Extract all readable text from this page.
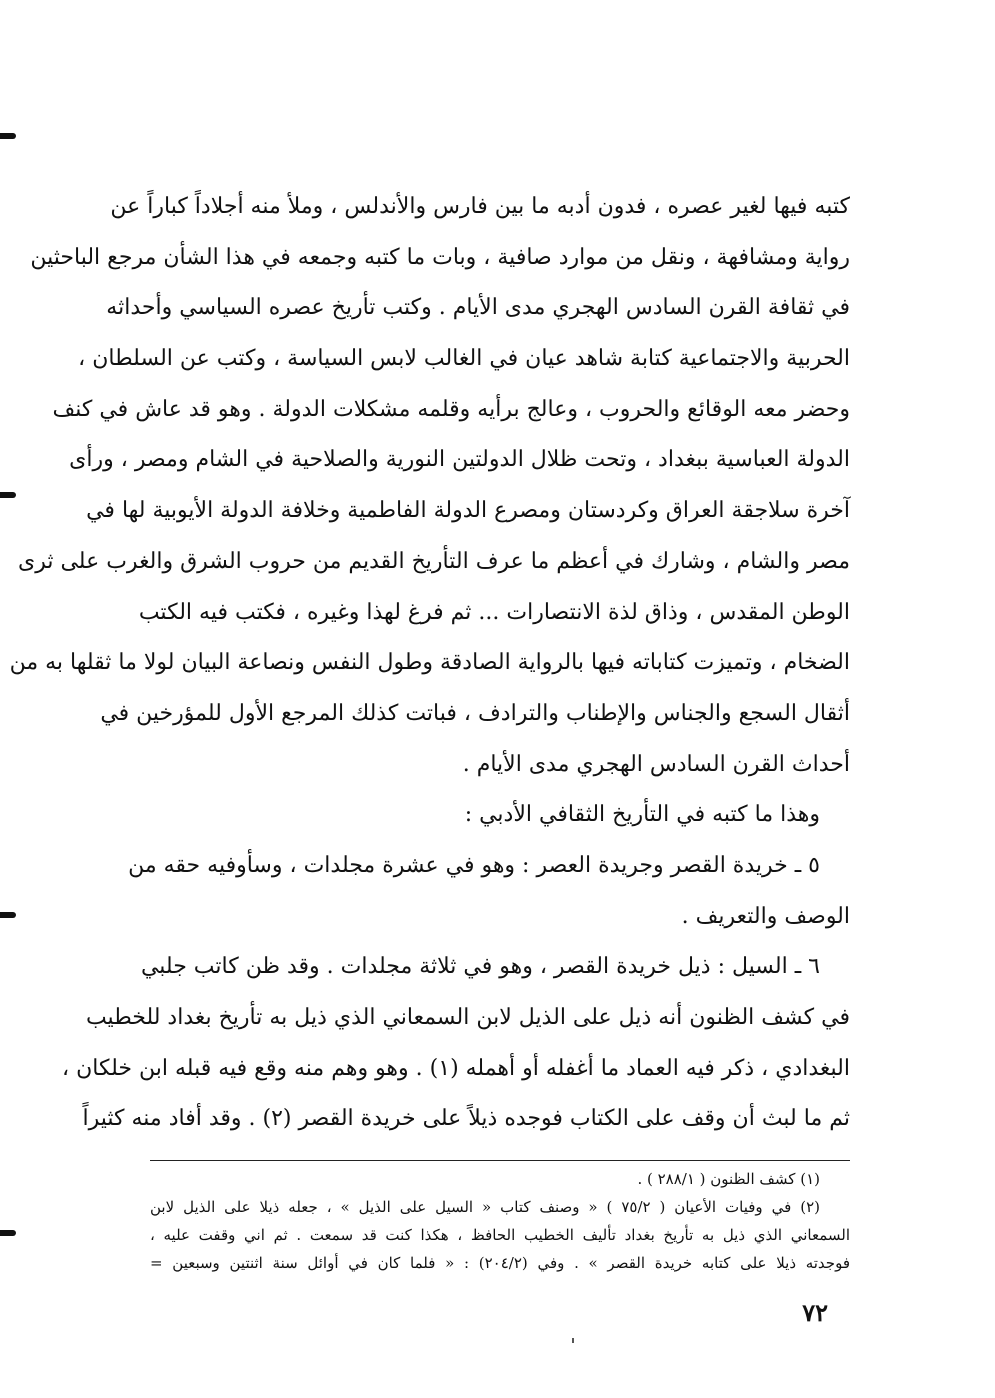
كتبه فيها لغير عصره ، فدون أدبه ما بين فارس والأندلس ، وملأ منه أجلاداً كباراً عن
رواية ومشافهة ، ونقل من موارد صافية ، وبات ما كتبه وجمعه في هذا الشأن مرجع الباحثين
في ثقافة القرن السادس الهجري مدى الأيام . وكتب تأريخ عصره السياسي وأحداثه
الحربية والاجتماعية كتابة شاهد عيان في الغالب لابس السياسة ، وكتب عن السلطان ،
وحضر معه الوقائع والحروب ، وعالج برأيه وقلمه مشكلات الدولة . وهو قد عاش في كنف
الدولة العباسية ببغداد ، وتحت ظلال الدولتين النورية والصلاحية في الشام ومصر ، ورأى
آخرة سلاجقة العراق وكردستان ومصرع الدولة الفاطمية وخلافة الدولة الأيوبية لها في
مصر والشام ، وشارك في أعظم ما عرف التأريخ القديم من حروب الشرق والغرب على ثرى
الوطن المقدس ، وذاق لذة الانتصارات ... ثم فرغ لهذا وغيره ، فكتب فيه الكتب
الضخام ، وتميزت كتاباته فيها بالرواية الصادقة وطول النفس ونصاعة البيان لولا ما ثقلها به من
أثقال السجع والجناس والإطناب والترادف ، فباتت كذلك المرجع الأول للمؤرخين في
أحداث القرن السادس الهجري مدى الأيام .
وهذا ما كتبه في التأريخ الثقافي الأدبي :
٥ ـ خريدة القصر وجريدة العصر : وهو في عشرة مجلدات ، وسأوفيه حقه من
الوصف والتعريف .
٦ ـ السيل : ذيل خريدة القصر ، وهو في ثلاثة مجلدات . وقد ظن كاتب جلبي
في كشف الظنون أنه ذيل على الذيل لابن السمعاني الذي ذيل به تأريخ بغداد للخطيب
البغدادي ، ذكر فيه العماد ما أغفله أو أهمله (١) . وهو وهم منه وقع فيه قبله ابن خلكان ،
ثم ما لبث أن وقف على الكتاب فوجده ذيلاً على خريدة القصر (٢) . وقد أفاد منه كثيراً
(١) كشف الظنون ( ٢٨٨/١ ) .
(٢) في وفيات الأعيان ( ٧٥/٢ ) « وصنف كتاب « السيل على الذيل » ، جعله ذيلا على الذيل لابن
السمعاني الذي ذيل به تأريخ بغداد تأليف الخطيب الحافظ ، هكذا كنت قد سمعت . ثم اني وقفت عليه ،
فوجدته ذيلا على كتابه خريدة القصر » . وفي (٢٠٤/٢) : « فلما كان في أوائل سنة اثنتين وسبعين =
٧٢
